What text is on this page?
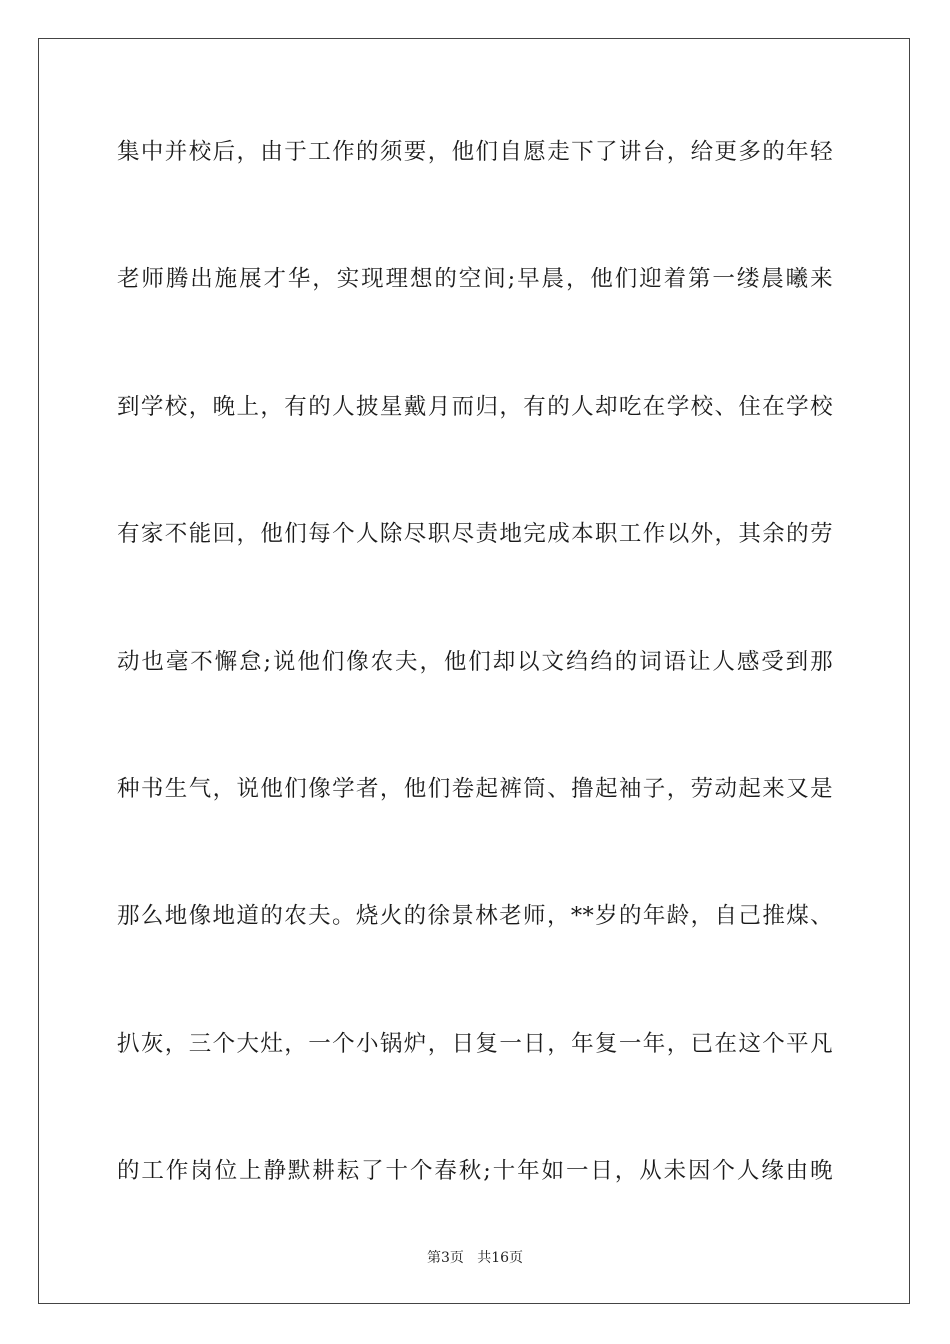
集中并校后，由于工作的须要，他们自愿走下了讲台，给更多的年轻
老师腾出施展才华，实现理想的空间;早晨，他们迎着第一缕晨曦来
到学校，晚上，有的人披星戴月而归，有的人却吃在学校、住在学校
有家不能回，他们每个人除尽职尽责地完成本职工作以外，其余的劳
动也毫不懈怠;说他们像农夫，他们却以文绉绉的词语让人感受到那
种书生气，说他们像学者，他们卷起裤筒、撸起袖子，劳动起来又是
那么地像地道的农夫。烧火的徐景林老师，**岁的年龄，自己推煤、
扒灰，三个大灶，一个小锅炉，日复一日，年复一年，已在这个平凡
的工作岗位上静默耕耘了十个春秋;十年如一日，从未因个人缘由晚
第3页   共16页
